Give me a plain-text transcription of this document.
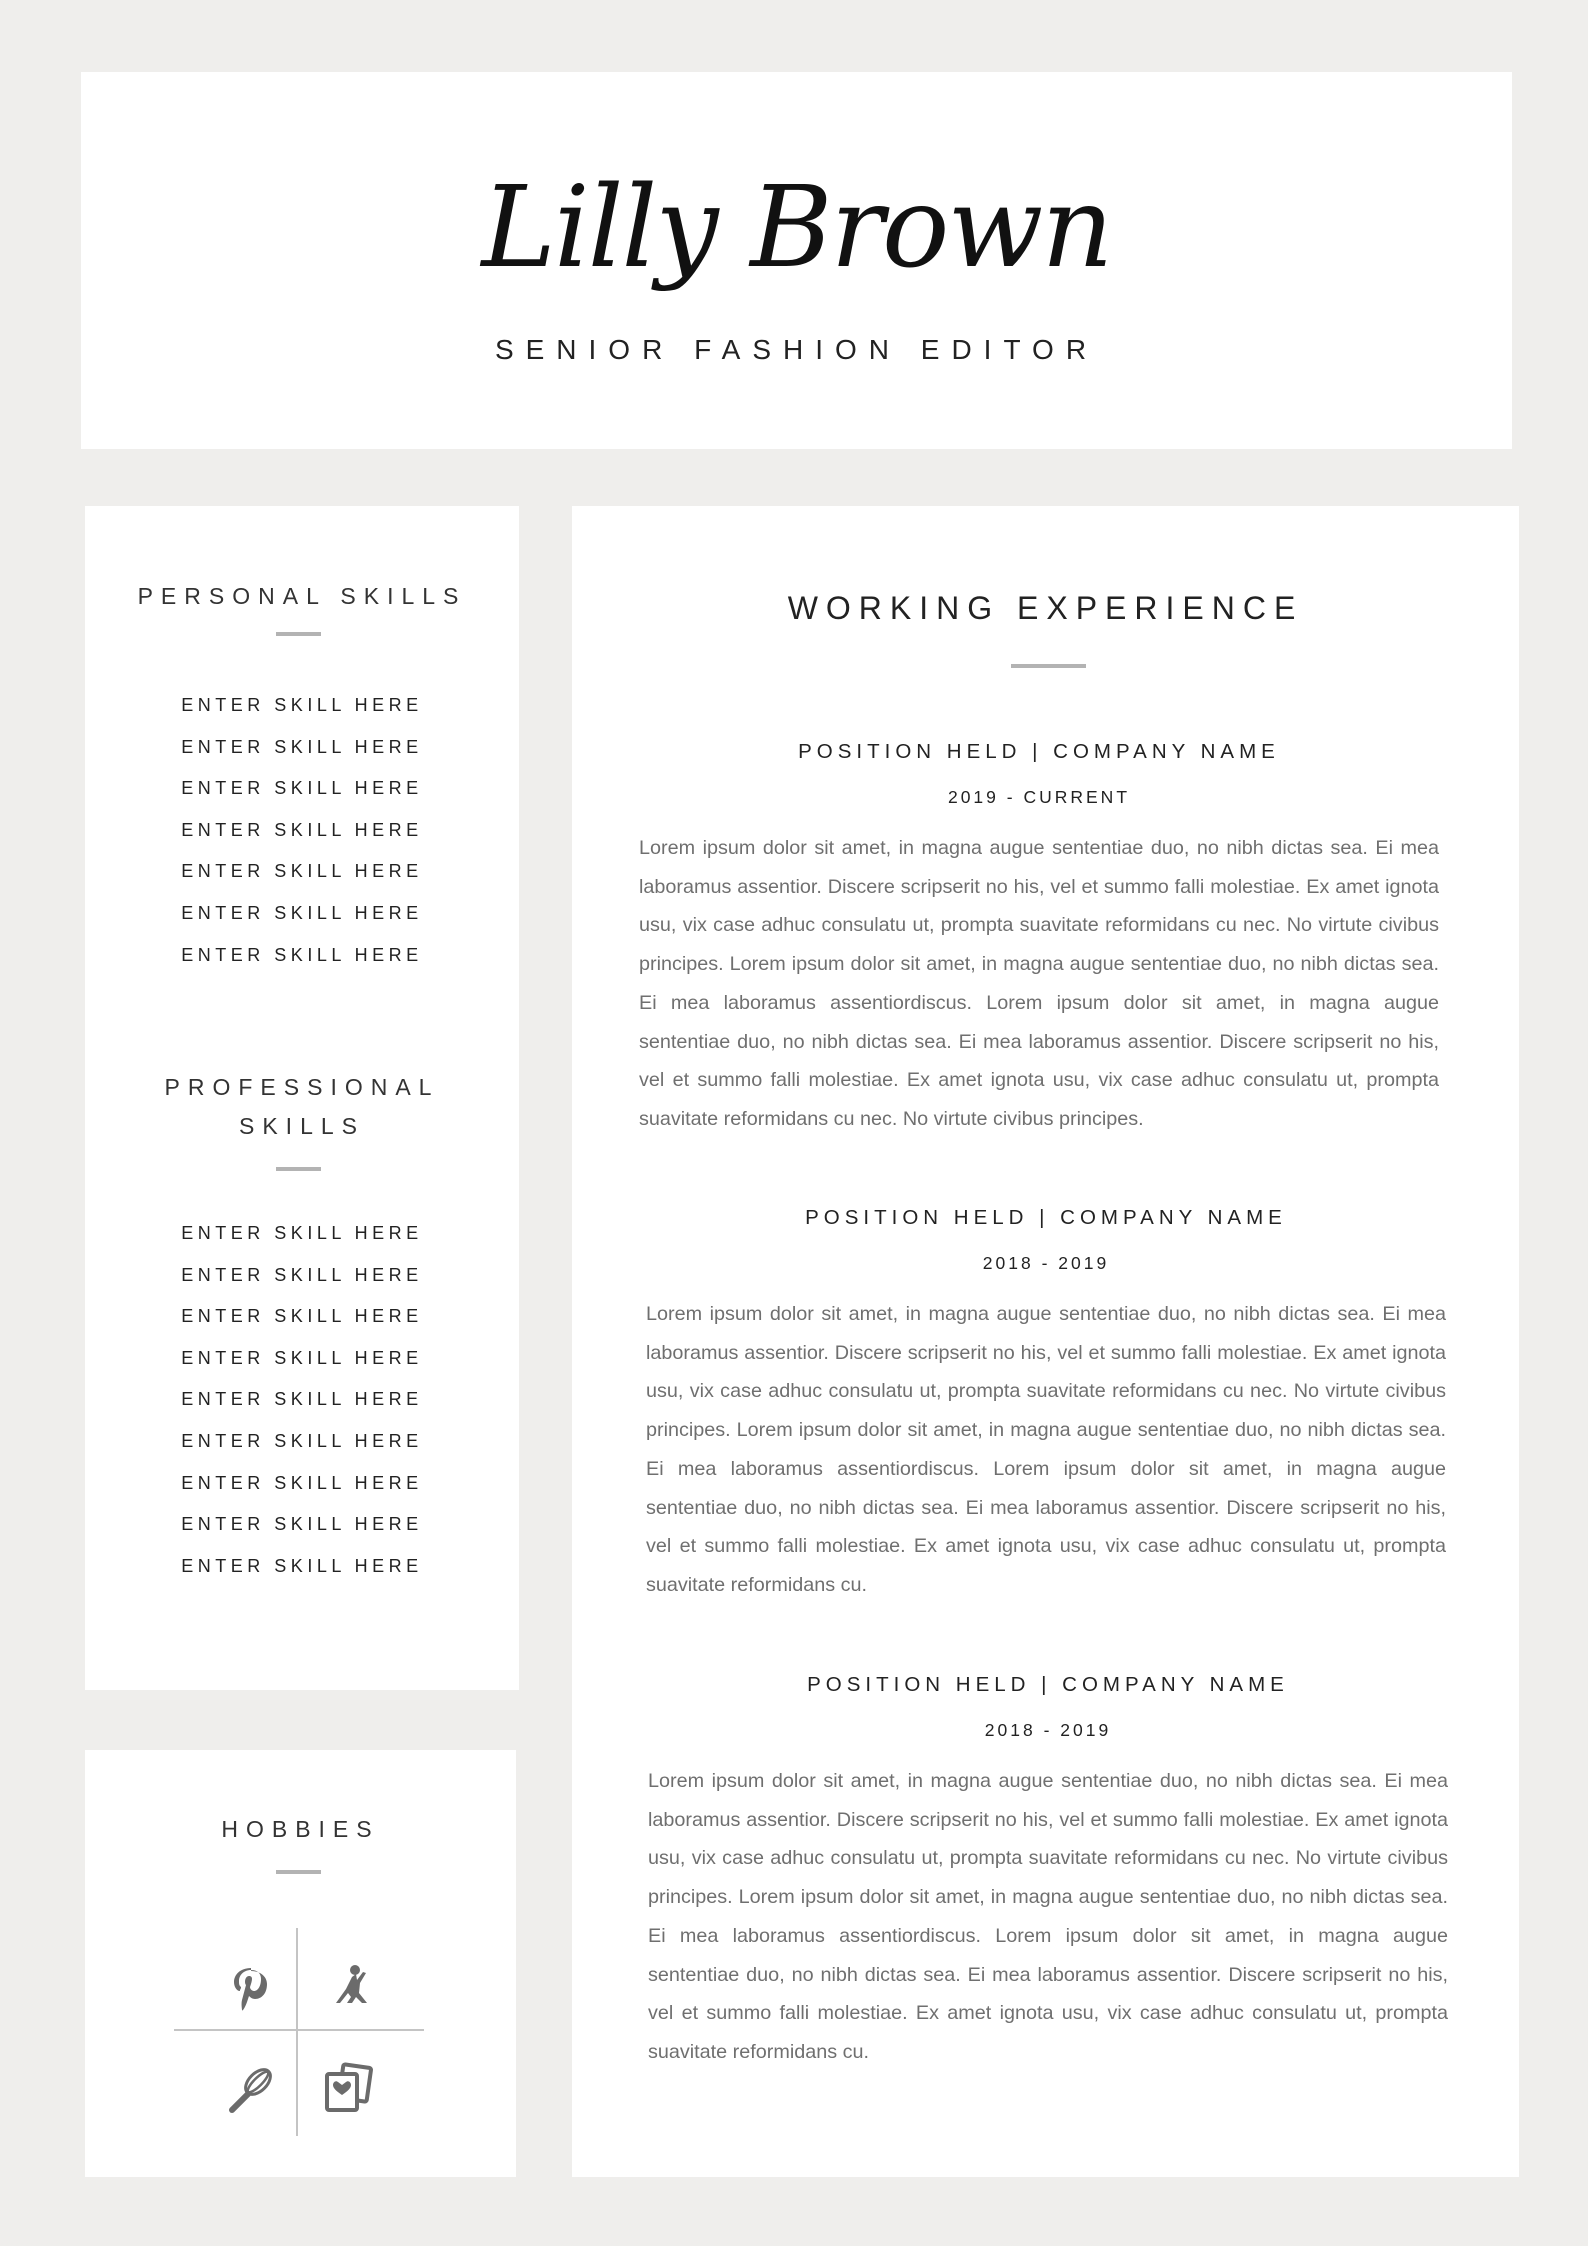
Lilly Brown
SENIOR FASHION EDITOR
PERSONAL SKILLS
ENTER SKILL HERE
ENTER SKILL HERE
ENTER SKILL HERE
ENTER SKILL HERE
ENTER SKILL HERE
ENTER SKILL HERE
ENTER SKILL HERE
PROFESSIONAL
SKILLS
ENTER SKILL HERE
ENTER SKILL HERE
ENTER SKILL HERE
ENTER SKILL HERE
ENTER SKILL HERE
ENTER SKILL HERE
ENTER SKILL HERE
ENTER SKILL HERE
ENTER SKILL HERE
HOBBIES
WORKING EXPERIENCE
POSITION HELD | COMPANY NAME
2019 - CURRENT

Lorem ipsum dolor sit amet, in magna augue sententiae duo, no nibh dictas sea. Ei mea laboramus assentior. Discere scripserit no his, vel et summo falli molestiae. Ex amet ignota usu, vix case adhuc consulatu ut, prompta suavitate reformidans cu nec. No virtute civibus principes. Lorem ipsum dolor sit amet, in magna augue sententiae duo, no nibh dictas sea. Ei mea laboramus assentiordiscus. Lorem ipsum dolor sit amet, in magna augue sententiae duo, no nibh dictas sea. Ei mea laboramus assentior. Discere scripserit no his, vel et summo falli molestiae. Ex amet ignota usu, vix case adhuc consulatu ut, prompta suavitate reformidans cu nec. No virtute civibus principes.

POSITION HELD | COMPANY NAME
2018 - 2019

Lorem ipsum dolor sit amet, in magna augue sententiae duo, no nibh dictas sea. Ei mea laboramus assentior. Discere scripserit no his, vel et summo falli molestiae. Ex amet ignota usu, vix case adhuc consulatu ut, prompta suavitate reformidans cu nec. No virtute civibus principes. Lorem ipsum dolor sit amet, in magna augue sententiae duo, no nibh dictas sea. Ei mea laboramus assentiordiscus. Lorem ipsum dolor sit amet, in magna augue sententiae duo, no nibh dictas sea. Ei mea laboramus assentior. Discere scripserit no his, vel et summo falli molestiae. Ex amet ignota usu, vix case adhuc consulatu ut, prompta suavitate reformidans cu.

POSITION HELD | COMPANY NAME
2018 - 2019

Lorem ipsum dolor sit amet, in magna augue sententiae duo, no nibh dictas sea. Ei mea laboramus assentior. Discere scripserit no his, vel et summo falli molestiae. Ex amet ignota usu, vix case adhuc consulatu ut, prompta suavitate reformidans cu nec. No virtute civibus principes. Lorem ipsum dolor sit amet, in magna augue sententiae duo, no nibh dictas sea. Ei mea laboramus assentiordiscus. Lorem ipsum dolor sit amet, in magna augue sententiae duo, no nibh dictas sea. Ei mea laboramus assentior. Discere scripserit no his, vel et summo falli molestiae. Ex amet ignota usu, vix case adhuc consulatu ut, prompta suavitate reformidans cu.
